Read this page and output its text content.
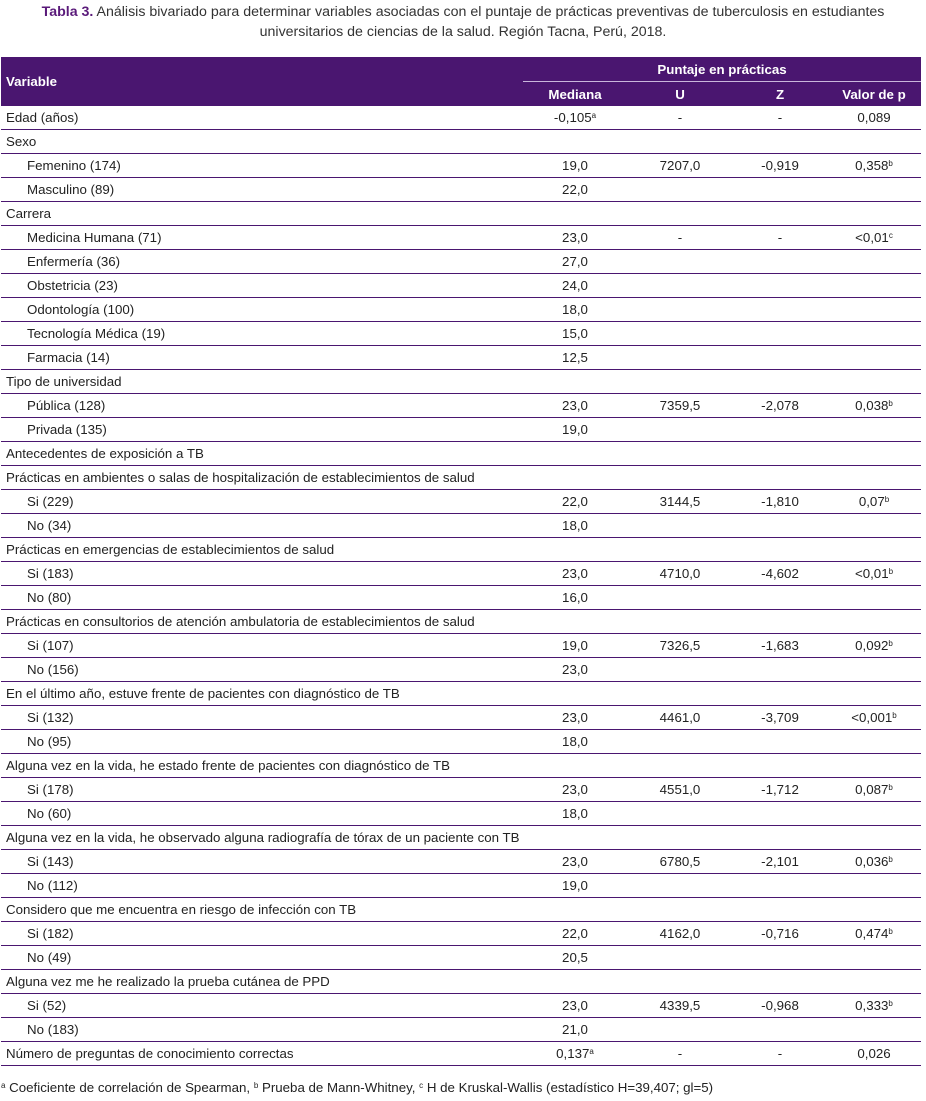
Tabla 3. Análisis bivariado para determinar variables asociadas con el puntaje de prácticas preventivas de tuberculosis en estudiantes universitarios de ciencias de la salud. Región Tacna, Perú, 2018.
Variable	Puntaje en prácticas			
	Mediana	U	Z	Valor de p
Edad (años)	-0,105$^a$	-	-	0,089
Sexo				
Femenino (174)	19,0	7207,0	-0,919	0,358$^b$
Masculino (89)	22,0			
Carrera				
Medicina Humana (71)	23,0	-	-	<0,01$^c$
Enfermería (36)	27,0			
Obstetricia (23)	24,0			
Odontología (100)	18,0			
Tecnología Médica (19)	15,0			
Farmacia (14)	12,5			
Tipo de universidad				
Pública (128)	23,0	7359,5	-2,078	0,038$^b$
Privada (135)	19,0			
Antecedentes de exposición a TB				
Prácticas en ambientes o salas de hospitalización de establecimientos de salud				
Si (229)	22,0	3144,5	-1,810	0,07$^b$
No (34)	18,0			
Prácticas en emergencias de establecimientos de salud				
Si (183)	23,0	4710,0	-4,602	<0,01$^b$
No (80)	16,0			
Prácticas en consultorios de atención ambulatoria de establecimientos de salud				
Si (107)	19,0	7326,5	-1,683	0,092$^b$
No (156)	23,0			
En el último año, estuve frente de pacientes con diagnóstico de TB				
Si (132)	23,0	4461,0	-3,709	<0,001$^b$
No (95)	18,0			
Alguna vez en la vida, he estado frente de pacientes con diagnóstico de TB				
Si (178)	23,0	4551,0	-1,712	0,087$^b$
No (60)	18,0			
Alguna vez en la vida, he observado alguna radiografía de tórax de un paciente con TB				
Si (143)	23,0	6780,5	-2,101	0,036$^b$
No (112)	19,0			
Considero que me encuentra en riesgo de infección con TB				
Si (182)	22,0	4162,0	-0,716	0,474$^b$
No (49)	20,5			
Alguna vez me he realizado la prueba cutánea de PPD				
Si (52)	23,0	4339,5	-0,968	0,333$^b$
No (183)	21,0			
Número de preguntas de conocimiento correctas	0,137$^a$	-	-	0,026
$^a$ Coeficiente de correlación de Spearman, $^b$ Prueba de Mann-Whitney, $^c$ H de Kruskal-Wallis (estadístico H=39,407; gl=5)
